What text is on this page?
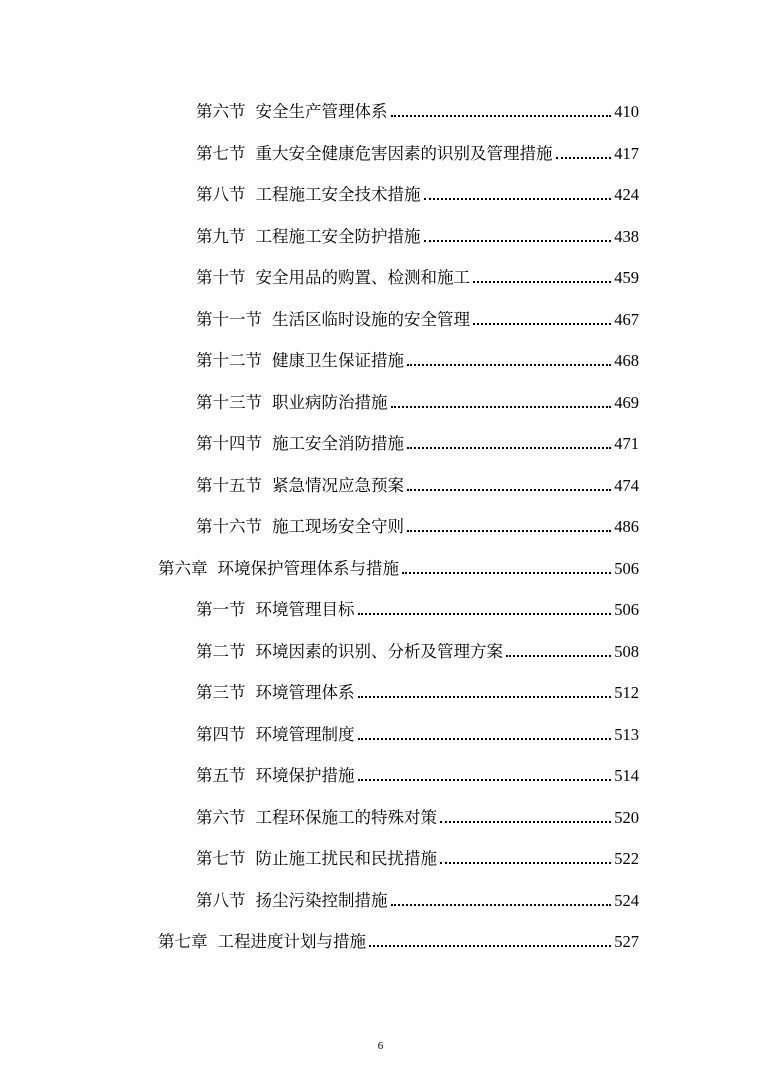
第六节 安全生产管理体系	410
第七节 重大安全健康危害因素的识别及管理措施	417
第八节 工程施工安全技术措施	424
第九节 工程施工安全防护措施	438
第十节 安全用品的购置、检测和施工	459
第十一节 生活区临时设施的安全管理	467
第十二节 健康卫生保证措施	468
第十三节 职业病防治措施	469
第十四节 施工安全消防措施	471
第十五节 紧急情况应急预案	474
第十六节 施工现场安全守则	486
第六章 环境保护管理体系与措施	506
第一节 环境管理目标	506
第二节 环境因素的识别、分析及管理方案	508
第三节 环境管理体系	512
第四节 环境管理制度	513
第五节 环境保护措施	514
第六节 工程环保施工的特殊对策	520
第七节 防止施工扰民和民扰措施	522
第八节 扬尘污染控制措施	524
第七章 工程进度计划与措施	527
6
